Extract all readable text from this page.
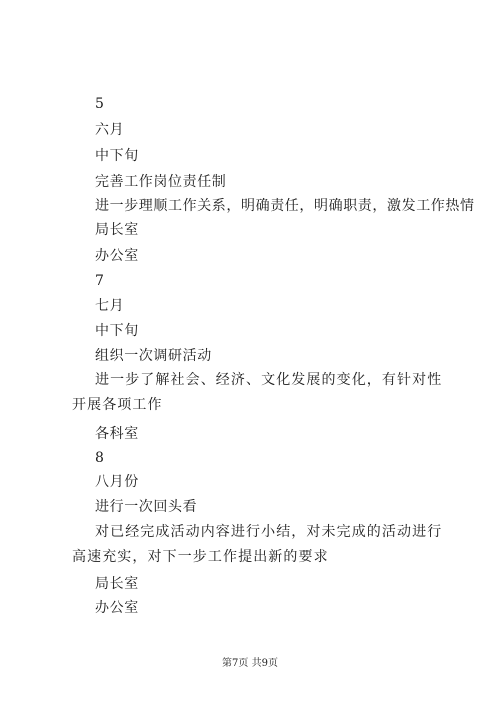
5
六月
中下旬
完善工作岗位责任制
进一步理顺工作关系，明确责任，明确职责，激发工作热情
局长室
办公室
7
七月
中下旬
组织一次调研活动
进一步了解社会、经济、文化发展的变化，有针对性开展各项工作
各科室
8
八月份
进行一次回头看
对已经完成活动内容进行小结，对未完成的活动进行高速充实，对下一步工作提出新的要求
局长室
办公室
第7页 共9页
